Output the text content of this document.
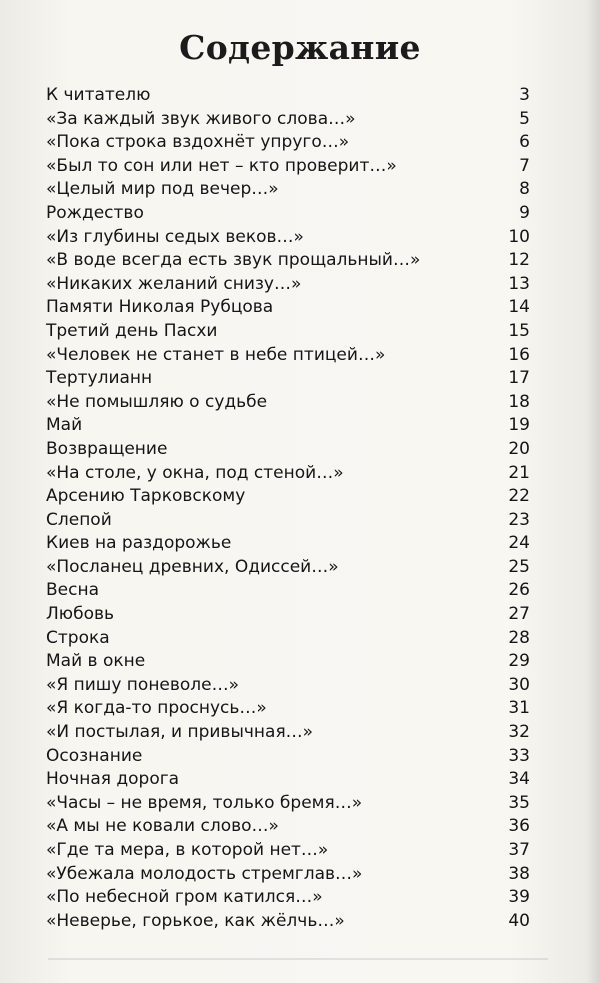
Содержание
К читателю	3
«За каждый звук живого слова…»	5
«Пока строка вздохнёт упруго…»	6
«Был то сон или нет – кто проверит…»	7
«Целый мир под вечер…»	8
Рождество	9
«Из глубины седых веков…»	10
«В воде всегда есть звук прощальный…»	12
«Никаких желаний снизу…»	13
Памяти Николая Рубцова	14
Третий день Пасхи	15
«Человек не станет в небе птицей…»	16
Тертулианн	17
«Не помышляю о судьбе	18
Май	19
Возвращение	20
«На столе, у окна, под стеной…»	21
Арсению Тарковскому	22
Слепой	23
Киев на раздорожье	24
«Посланец древних, Одиссей…»	25
Весна	26
Любовь	27
Строка	28
Май в окне	29
«Я пишу поневоле…»	30
«Я когда-то проснусь…»	31
«И постылая, и привычная…»	32
Осознание	33
Ночная дорога	34
«Часы – не время, только бремя…»	35
«А мы не ковали слово…»	36
«Где та мера, в которой нет…»	37
«Убежала молодость стремглав…»	38
«По небесной гром катился…»	39
«Неверье, горькое, как жёлчь…»	40
